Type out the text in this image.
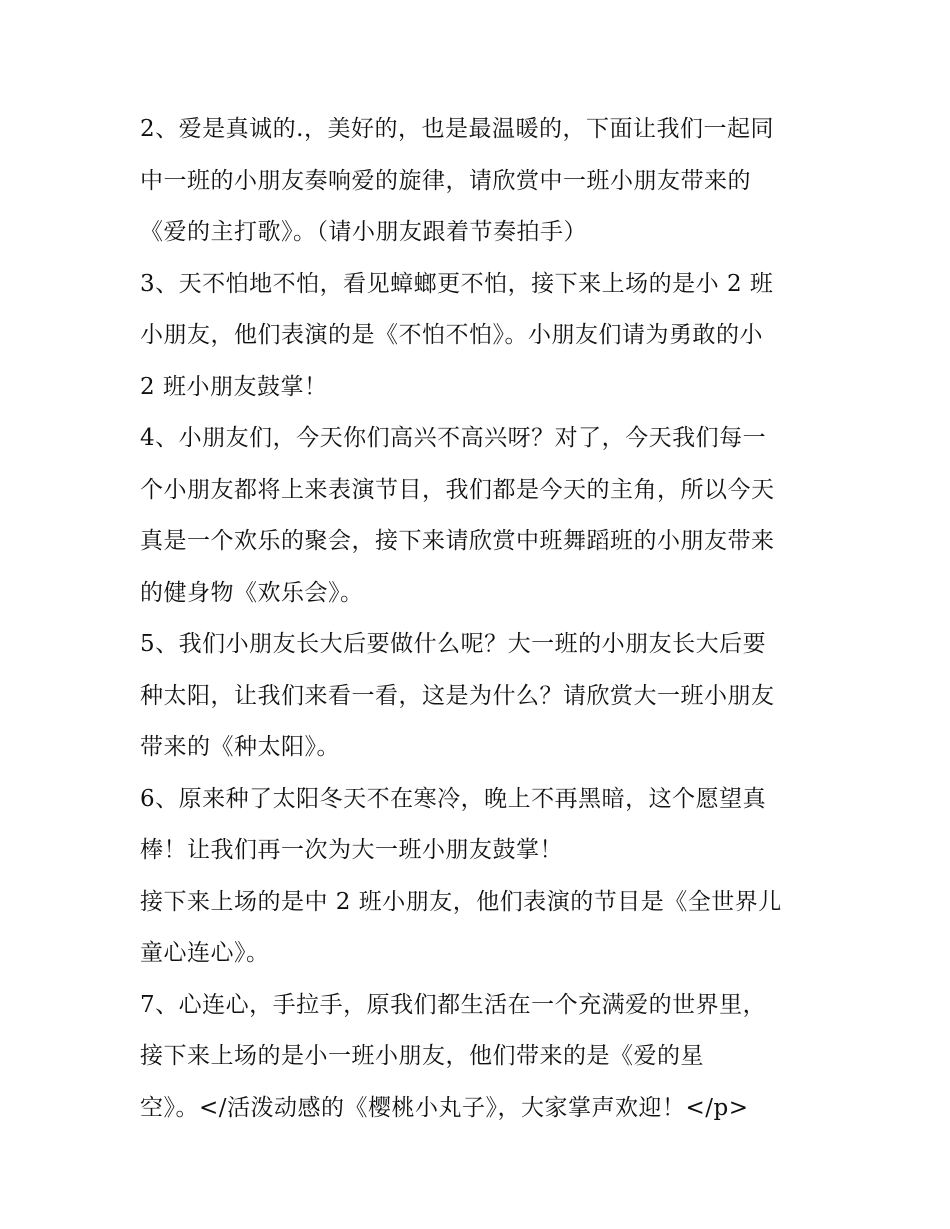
2、爱是真诚的.，美好的，也是最温暖的，下面让我们一起同
中一班的小朋友奏响爱的旋律，请欣赏中一班小朋友带来的
《爱的主打歌》。（请小朋友跟着节奏拍手）
3、天不怕地不怕，看见蟑螂更不怕，接下来上场的是小 2 班
小朋友，他们表演的是《不怕不怕》。小朋友们请为勇敢的小
2 班小朋友鼓掌！
4、小朋友们，今天你们高兴不高兴呀？对了，今天我们每一
个小朋友都将上来表演节目，我们都是今天的主角，所以今天
真是一个欢乐的聚会，接下来请欣赏中班舞蹈班的小朋友带来
的健身物《欢乐会》。
5、我们小朋友长大后要做什么呢？大一班的小朋友长大后要
种太阳，让我们来看一看，这是为什么？请欣赏大一班小朋友
带来的《种太阳》。
6、原来种了太阳冬天不在寒冷，晚上不再黑暗，这个愿望真
棒！让我们再一次为大一班小朋友鼓掌！
接下来上场的是中 2 班小朋友，他们表演的节目是《全世界儿
童心连心》。
7、心连心，手拉手，原我们都生活在一个充满爱的世界里，
接下来上场的是小一班小朋友，他们带来的是《爱的星
空》。</活泼动感的《樱桃小丸子》，大家掌声欢迎！</p>
